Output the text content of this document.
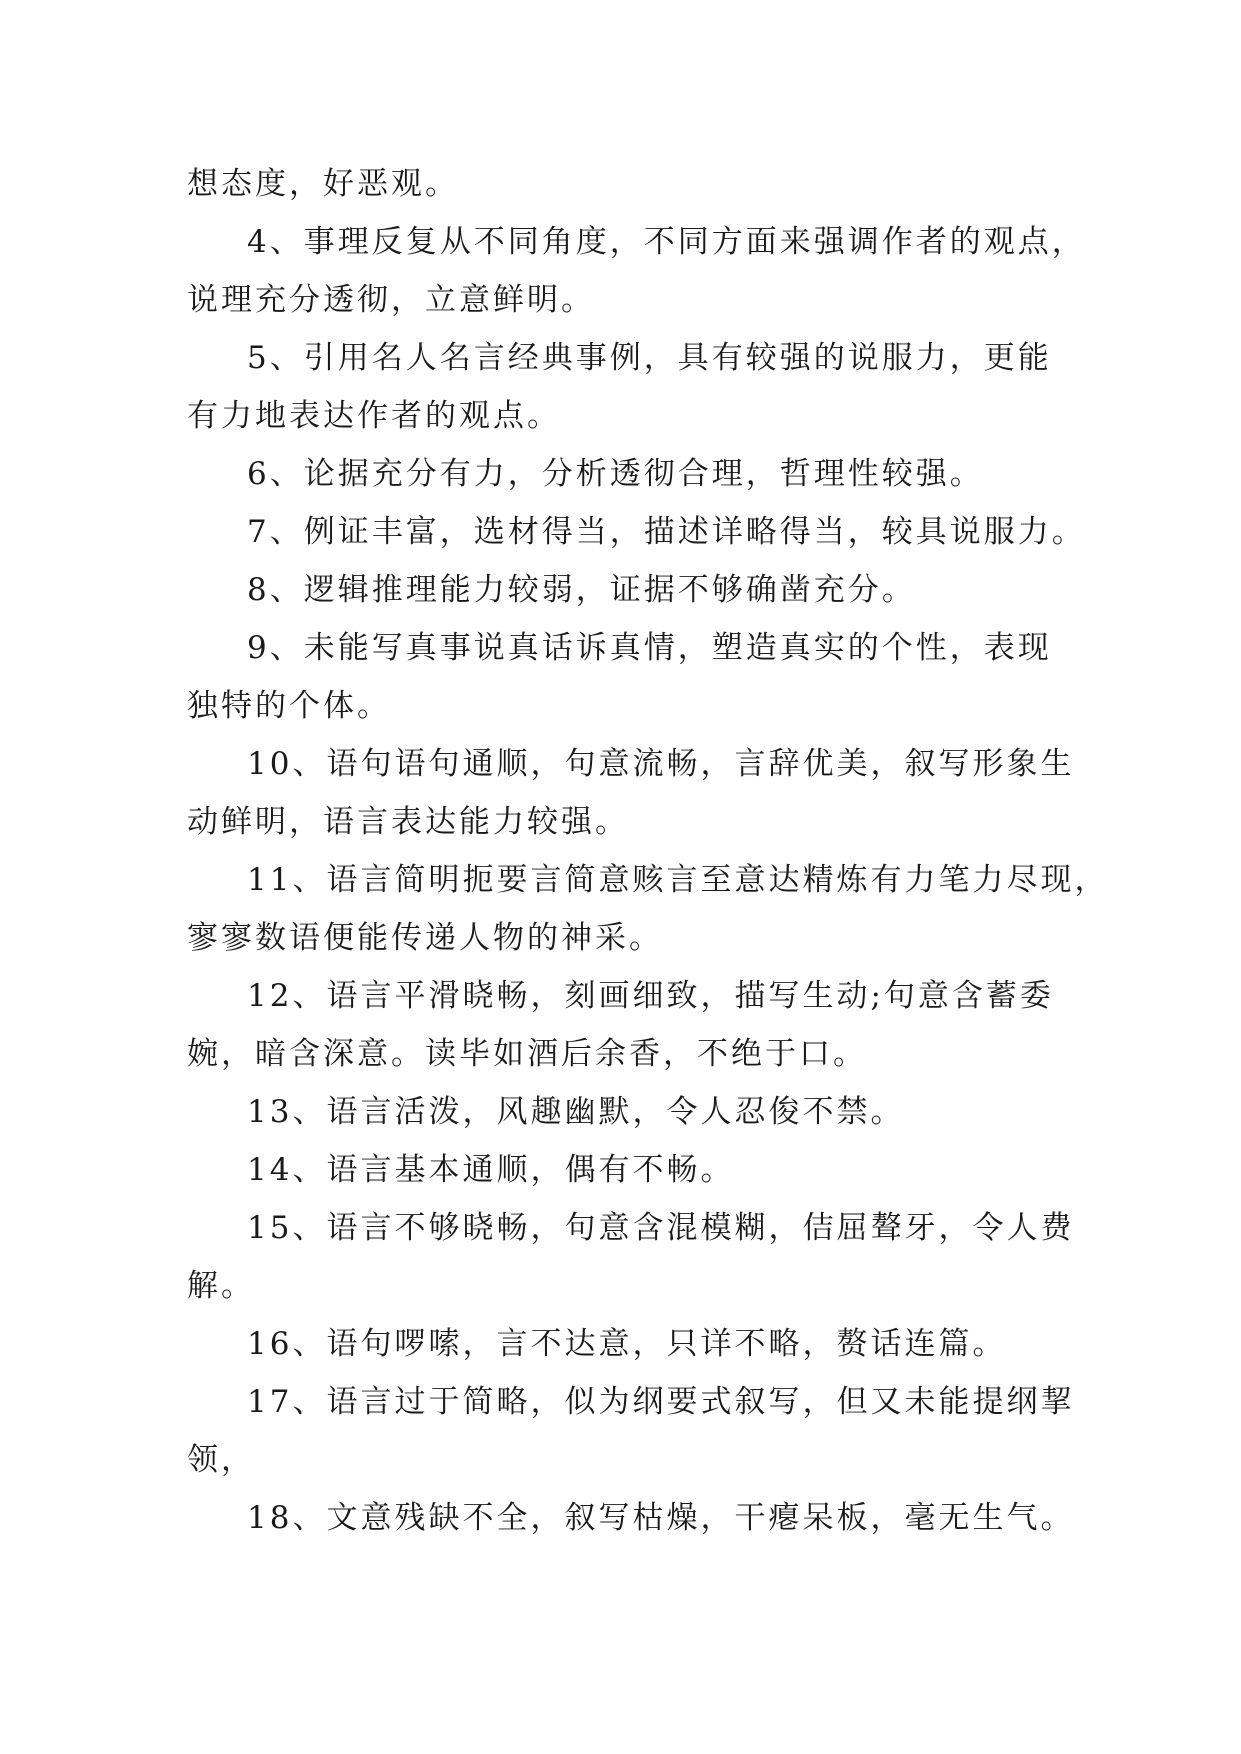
想态度，好恶观。

4、事理反复从不同角度，不同方面来强调作者的观点，
说理充分透彻，立意鲜明。

5、引用名人名言经典事例，具有较强的说服力，更能
有力地表达作者的观点。

6、论据充分有力，分析透彻合理，哲理性较强。

7、例证丰富，选材得当，描述详略得当，较具说服力。

8、逻辑推理能力较弱，证据不够确凿充分。

9、未能写真事说真话诉真情，塑造真实的个性，表现
独特的个体。

10、语句语句通顺，句意流畅，言辞优美，叙写形象生
动鲜明，语言表达能力较强。

11、语言简明扼要言简意赅言至意达精炼有力笔力尽现，
寥寥数语便能传递人物的神采。

12、语言平滑晓畅，刻画细致，描写生动;句意含蓄委
婉，暗含深意。读毕如酒后余香，不绝于口。

13、语言活泼，风趣幽默，令人忍俊不禁。

14、语言基本通顺，偶有不畅。

15、语言不够晓畅，句意含混模糊，佶屈聱牙，令人费
解。

16、语句啰嗦，言不达意，只详不略，赘话连篇。

17、语言过于简略，似为纲要式叙写，但又未能提纲挈
领，

18、文意残缺不全，叙写枯燥，干瘪呆板，毫无生气。
